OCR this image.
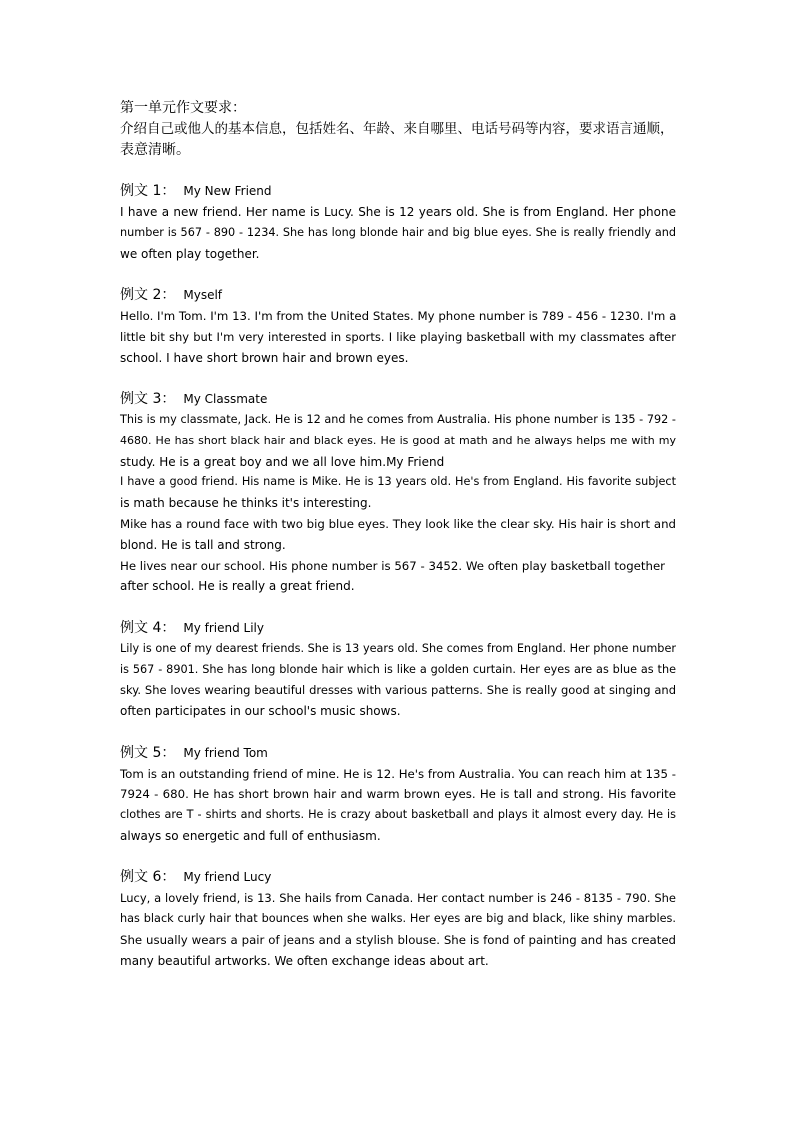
第一单元作文要求：
介绍自己或他人的基本信息，包括姓名、年龄、来自哪里、电话号码等内容，要求语言通顺，
表意清晰。
例文 1： My New Friend
I have a new friend. Her name is Lucy. She is 12 years old. She is from England. Her phone
number is 567 - 890 - 1234. She has long blonde hair and big blue eyes. She is really friendly and
we often play together.
例文 2： Myself
Hello. I'm Tom. I'm 13. I'm from the United States. My phone number is 789 - 456 - 1230. I'm a
little bit shy but I'm very interested in sports. I like playing basketball with my classmates after
school. I have short brown hair and brown eyes.
例文 3： My Classmate
This is my classmate, Jack. He is 12 and he comes from Australia. His phone number is 135 - 792 -
4680. He has short black hair and black eyes. He is good at math and he always helps me with my
study. He is a great boy and we all love him.My Friend
I have a good friend. His name is Mike. He is 13 years old. He's from England. His favorite subject
is math because he thinks it's interesting.
Mike has a round face with two big blue eyes. They look like the clear sky. His hair is short and
blond. He is tall and strong.
He lives near our school. His phone number is 567 - 3452. We often play basketball together
after school. He is really a great friend.
例文 4： My friend Lily
Lily is one of my dearest friends. She is 13 years old. She comes from England. Her phone number
is 567 - 8901. She has long blonde hair which is like a golden curtain. Her eyes are as blue as the
sky. She loves wearing beautiful dresses with various patterns. She is really good at singing and
often participates in our school's music shows.
例文 5： My friend Tom
Tom is an outstanding friend of mine. He is 12. He's from Australia. You can reach him at 135 -
7924 - 680. He has short brown hair and warm brown eyes. He is tall and strong. His favorite
clothes are T - shirts and shorts. He is crazy about basketball and plays it almost every day. He is
always so energetic and full of enthusiasm.
例文 6： My friend Lucy
Lucy, a lovely friend, is 13. She hails from Canada. Her contact number is 246 - 8135 - 790. She
has black curly hair that bounces when she walks. Her eyes are big and black, like shiny marbles.
She usually wears a pair of jeans and a stylish blouse. She is fond of painting and has created
many beautiful artworks. We often exchange ideas about art.
